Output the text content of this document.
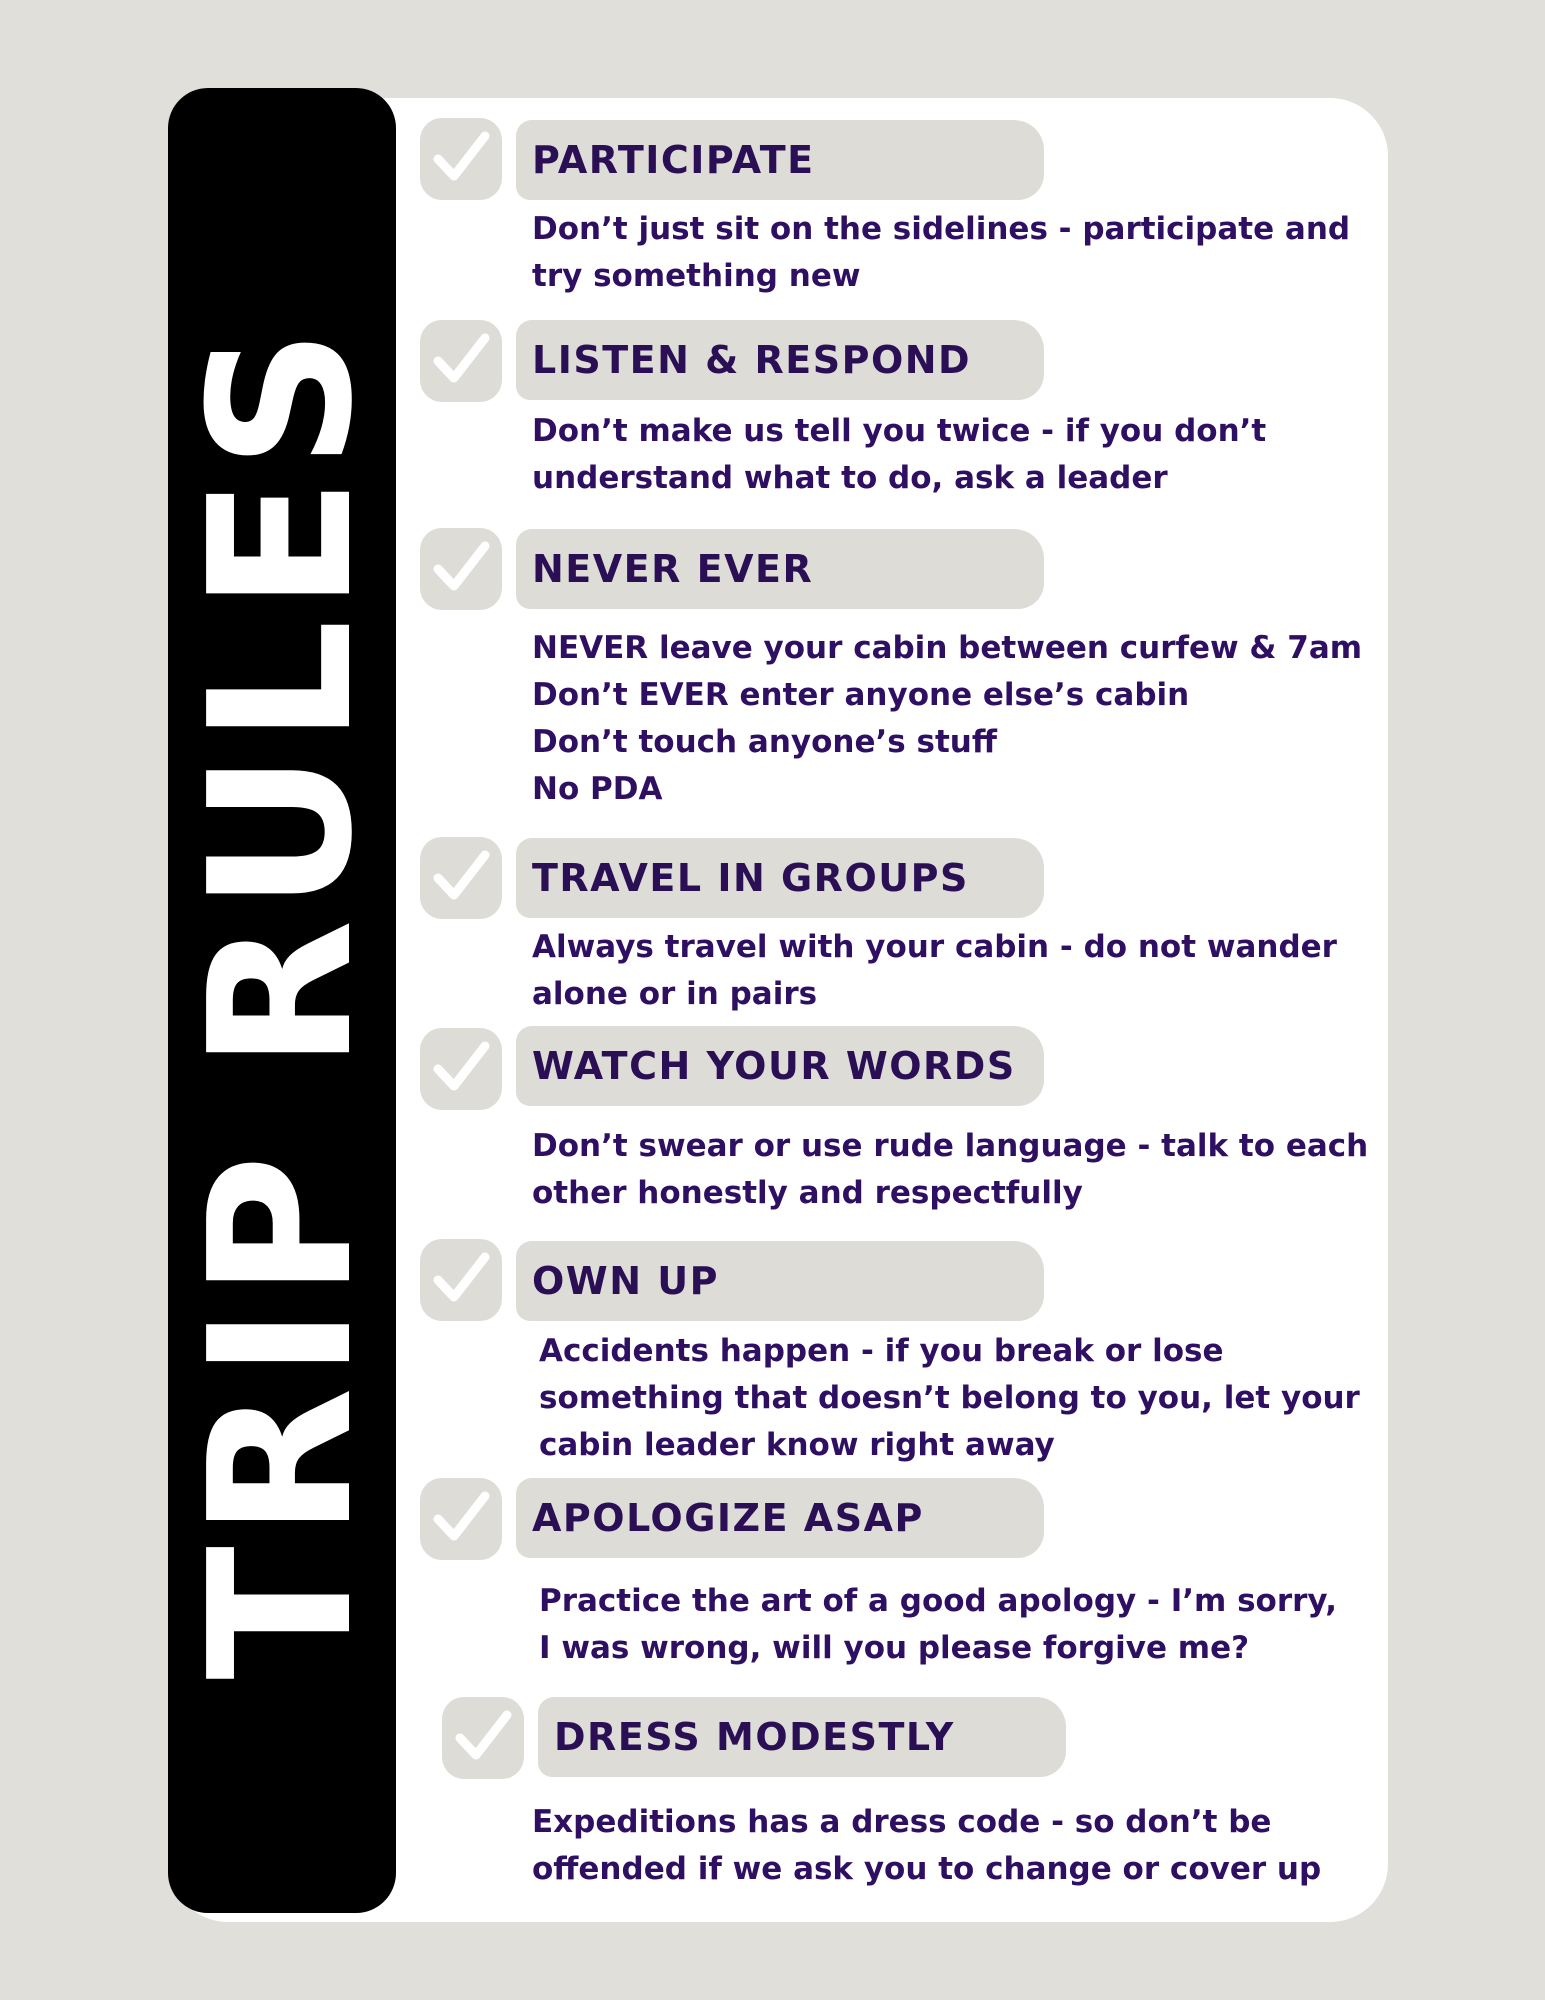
TRIP RULES
PARTICIPATE
Don’t just sit on the sidelines - participate and
try something new
LISTEN & RESPOND
Don’t make us tell you twice - if you don’t
understand what to do, ask a leader
NEVER EVER
NEVER leave your cabin between curfew & 7am
Don’t EVER enter anyone else’s cabin
Don’t touch anyone’s stuff
No PDA
TRAVEL IN GROUPS
Always travel with your cabin - do not wander
alone or in pairs
WATCH YOUR WORDS
Don’t swear or use rude language - talk to each
other honestly and respectfully
OWN UP
Accidents happen - if you break or lose
something that doesn’t belong to you, let your
cabin leader know right away
APOLOGIZE ASAP
Practice the art of a good apology - I’m sorry,
I was wrong, will you please forgive me?
DRESS MODESTLY
Expeditions has a dress code - so don’t be
offended if we ask you to change or cover up
